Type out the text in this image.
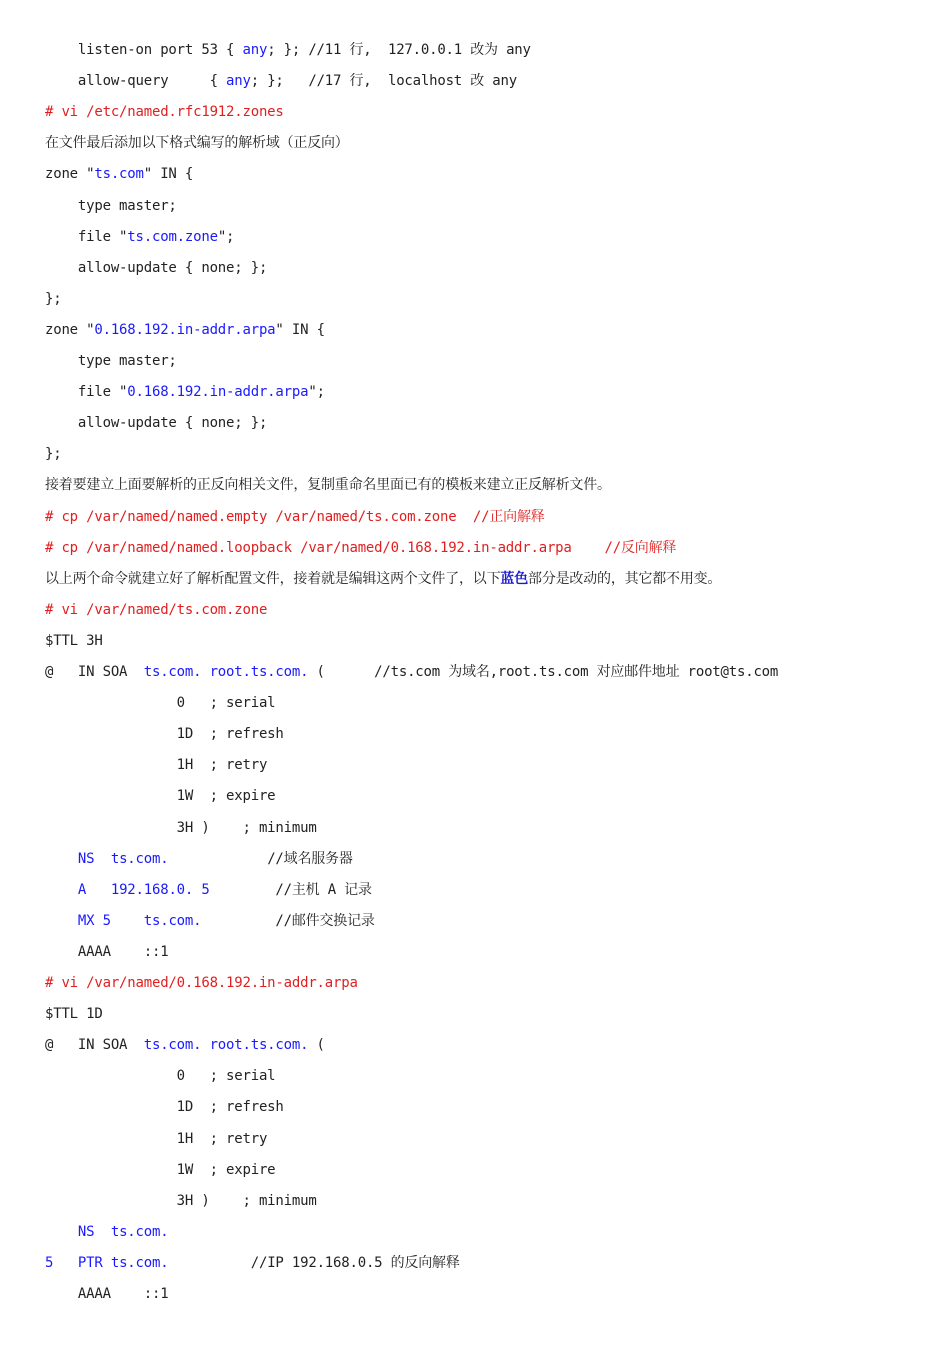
listen-on port 53 { any; }; //11 行,  127.0.0.1 改为 any
allow-query     { any; };   //17 行,  localhost 改 any
# vi /etc/named.rfc1912.zones
在文件最后添加以下格式编写的解析域（正反向）
zone "ts.com" IN {
type master;
file "ts.com.zone";
allow-update { none; };
};
zone "0.168.192.in-addr.arpa" IN {
type master;
file "0.168.192.in-addr.arpa";
allow-update { none; };
};
接着要建立上面要解析的正反向相关文件，复制重命名里面已有的模板来建立正反解析文件。
# cp /var/named/named.empty /var/named/ts.com.zone  //正向解释
# cp /var/named/named.loopback /var/named/0.168.192.in-addr.arpa    //反向解释
以上两个命令就建立好了解析配置文件，接着就是编辑这两个文件了，以下蓝色部分是改动的，其它都不用变。
# vi /var/named/ts.com.zone
$TTL 3H
@   IN SOA  ts.com. root.ts.com. (      //ts.com 为域名,root.ts.com 对应邮件地址 root@ts.com
0   ; serial
1D  ; refresh
1H  ; retry
1W  ; expire
3H )    ; minimum
NS  ts.com.            //域名服务器
A   192.168.0. 5        //主机 A 记录
MX 5    ts.com.         //邮件交换记录
AAAA    ::1
# vi /var/named/0.168.192.in-addr.arpa
$TTL 1D
@   IN SOA  ts.com. root.ts.com. (
0   ; serial
1D  ; refresh
1H  ; retry
1W  ; expire
3H )    ; minimum
NS  ts.com.
5 PTR ts.com.          //IP 192.168.0.5 的反向解释
AAAA    ::1
